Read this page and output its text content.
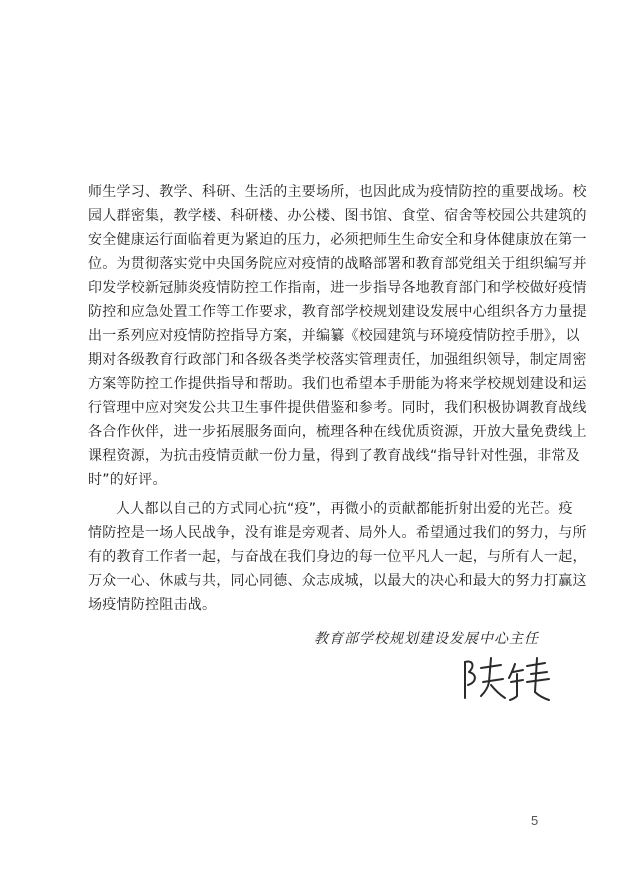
师生学习、教学、科研、生活的主要场所，也因此成为疫情防控的重要战场。校
园人群密集，教学楼、科研楼、办公楼、图书馆、食堂、宿舍等校园公共建筑的
安全健康运行面临着更为紧迫的压力，必须把师生生命安全和身体健康放在第一
位。为贯彻落实党中央国务院应对疫情的战略部署和教育部党组关于组织编写并
印发学校新冠肺炎疫情防控工作指南，进一步指导各地教育部门和学校做好疫情
防控和应急处置工作等工作要求，教育部学校规划建设发展中心组织各方力量提
出一系列应对疫情防控指导方案，并编纂《校园建筑与环境疫情防控手册》，以
期对各级教育行政部门和各级各类学校落实管理责任，加强组织领导，制定周密
方案等防控工作提供指导和帮助。我们也希望本手册能为将来学校规划建设和运
行管理中应对突发公共卫生事件提供借鉴和参考。同时，我们积极协调教育战线
各合作伙伴，进一步拓展服务面向，梳理各种在线优质资源，开放大量免费线上
课程资源，为抗击疫情贡献一份力量，得到了教育战线“指导针对性强，非常及
时”的好评。

人人都以自己的方式同心抗“疫”，再微小的贡献都能折射出爱的光芒。疫
情防控是一场人民战争，没有谁是旁观者、局外人。希望通过我们的努力，与所
有的教育工作者一起，与奋战在我们身边的每一位平凡人一起，与所有人一起，
万众一心、休戚与共，同心同德、众志成城，以最大的决心和最大的努力打赢这
场疫情防控阻击战。

教育部学校规划建设发展中心主任
5
